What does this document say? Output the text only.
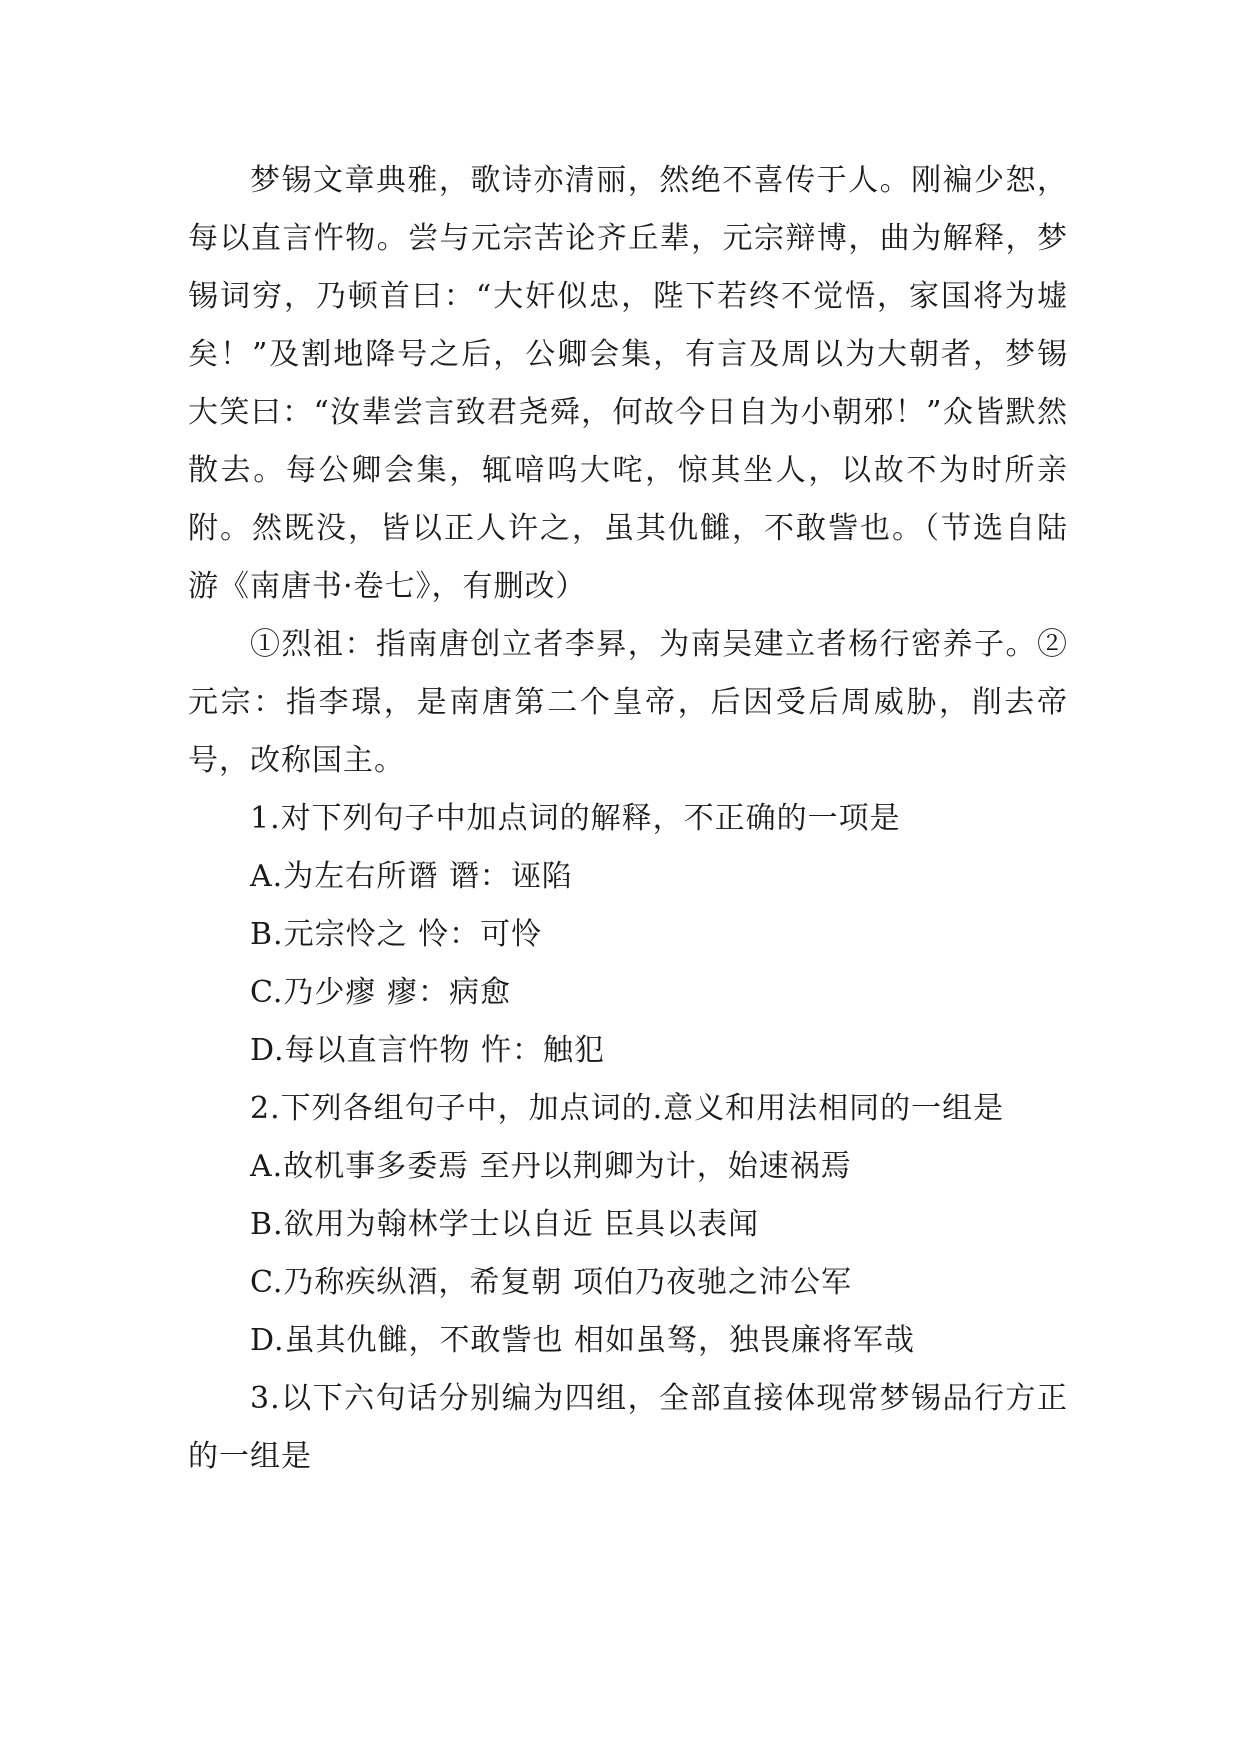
梦锡文章典雅，歌诗亦清丽，然绝不喜传于人。刚褊少恕，每以直言忤物。尝与元宗苦论齐丘辈，元宗辩博，曲为解释，梦锡词穷，乃顿首曰：“大奸似忠，陛下若终不觉悟，家国将为墟矣！”及割地降号之后，公卿会集，有言及周以为大朝者，梦锡大笑曰：“汝辈尝言致君尧舜，何故今日自为小朝邪！”众皆默然散去。每公卿会集，辄喑呜大咤，惊其坐人，以故不为时所亲附。然既没，皆以正人许之，虽其仇雠，不敢訾也。（节选自陆游《南唐书·卷七》，有删改）

①烈祖：指南唐创立者李昪，为南吴建立者杨行密养子。②元宗：指李璟，是南唐第二个皇帝，后因受后周威胁，削去帝号，改称国主。

1.对下列句子中加点词的解释，不正确的一项是

A.为左右所谮 谮：诬陷

B.元宗怜之 怜：可怜

C.乃少瘳 瘳：病愈

D.每以直言忤物 忤：触犯

2.下列各组句子中，加点词的.意义和用法相同的一组是

A.故机事多委焉 至丹以荆卿为计，始速祸焉

B.欲用为翰林学士以自近 臣具以表闻

C.乃称疾纵酒，希复朝 项伯乃夜驰之沛公军

D.虽其仇雠，不敢訾也 相如虽驽，独畏廉将军哉

3.以下六句话分别编为四组，全部直接体现常梦锡品行方正的一组是
